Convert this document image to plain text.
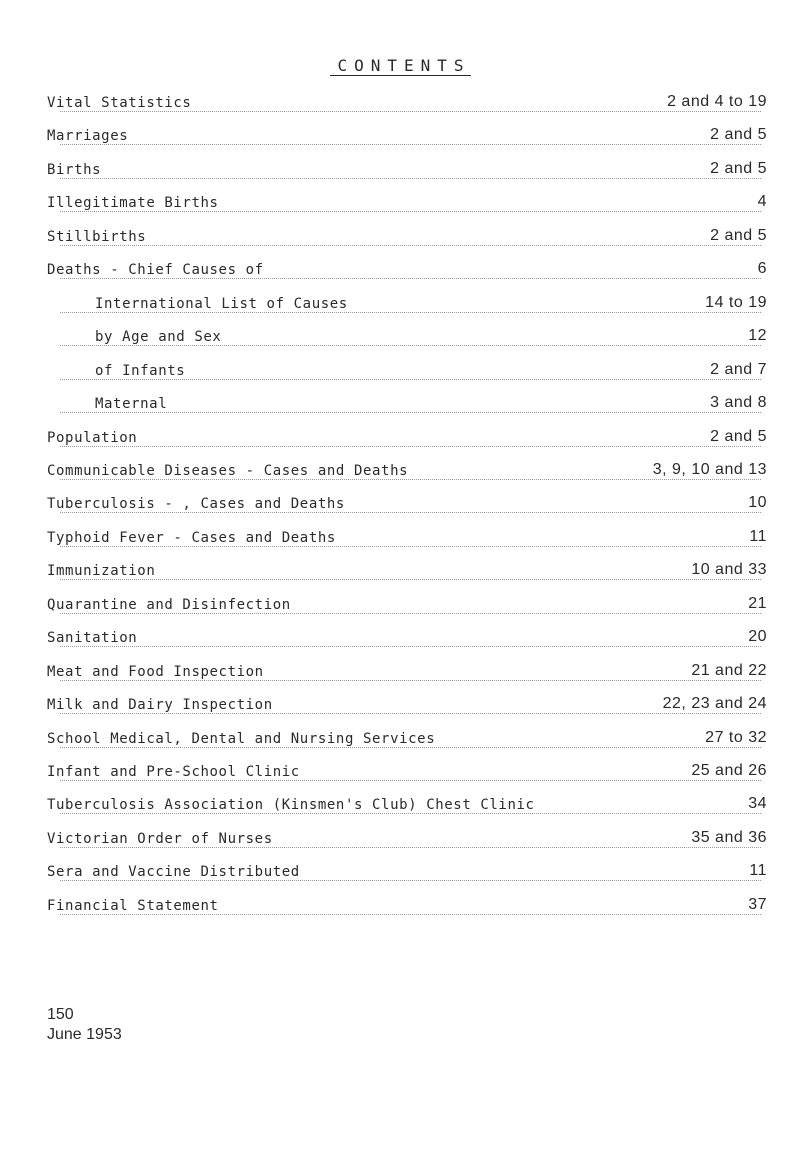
CONTENTS
Vital Statistics	2 and 4 to 19
Marriages	2 and 5
Births	2 and 5
Illegitimate Births	4
Stillbirths	2 and 5
Deaths - Chief Causes of	6
International List of Causes	14 to 19
by Age and Sex	12
of Infants	2 and 7
Maternal	3 and 8
Population	2 and 5
Communicable Diseases - Cases and Deaths	3, 9, 10 and 13
Tuberculosis - , Cases and Deaths	10
Typhoid Fever - Cases and Deaths	11
Immunization	10 and 33
Quarantine and Disinfection	21
Sanitation	20
Meat and Food Inspection	21 and 22
Milk and Dairy Inspection	22, 23 and 24
School Medical, Dental and Nursing Services	27 to 32
Infant and Pre-School Clinic	25 and 26
Tuberculosis Association (Kinsmen's Club) Chest Clinic	34
Victorian Order of Nurses	35 and 36
Sera and Vaccine Distributed	11
Financial Statement	37
150
June 1953
